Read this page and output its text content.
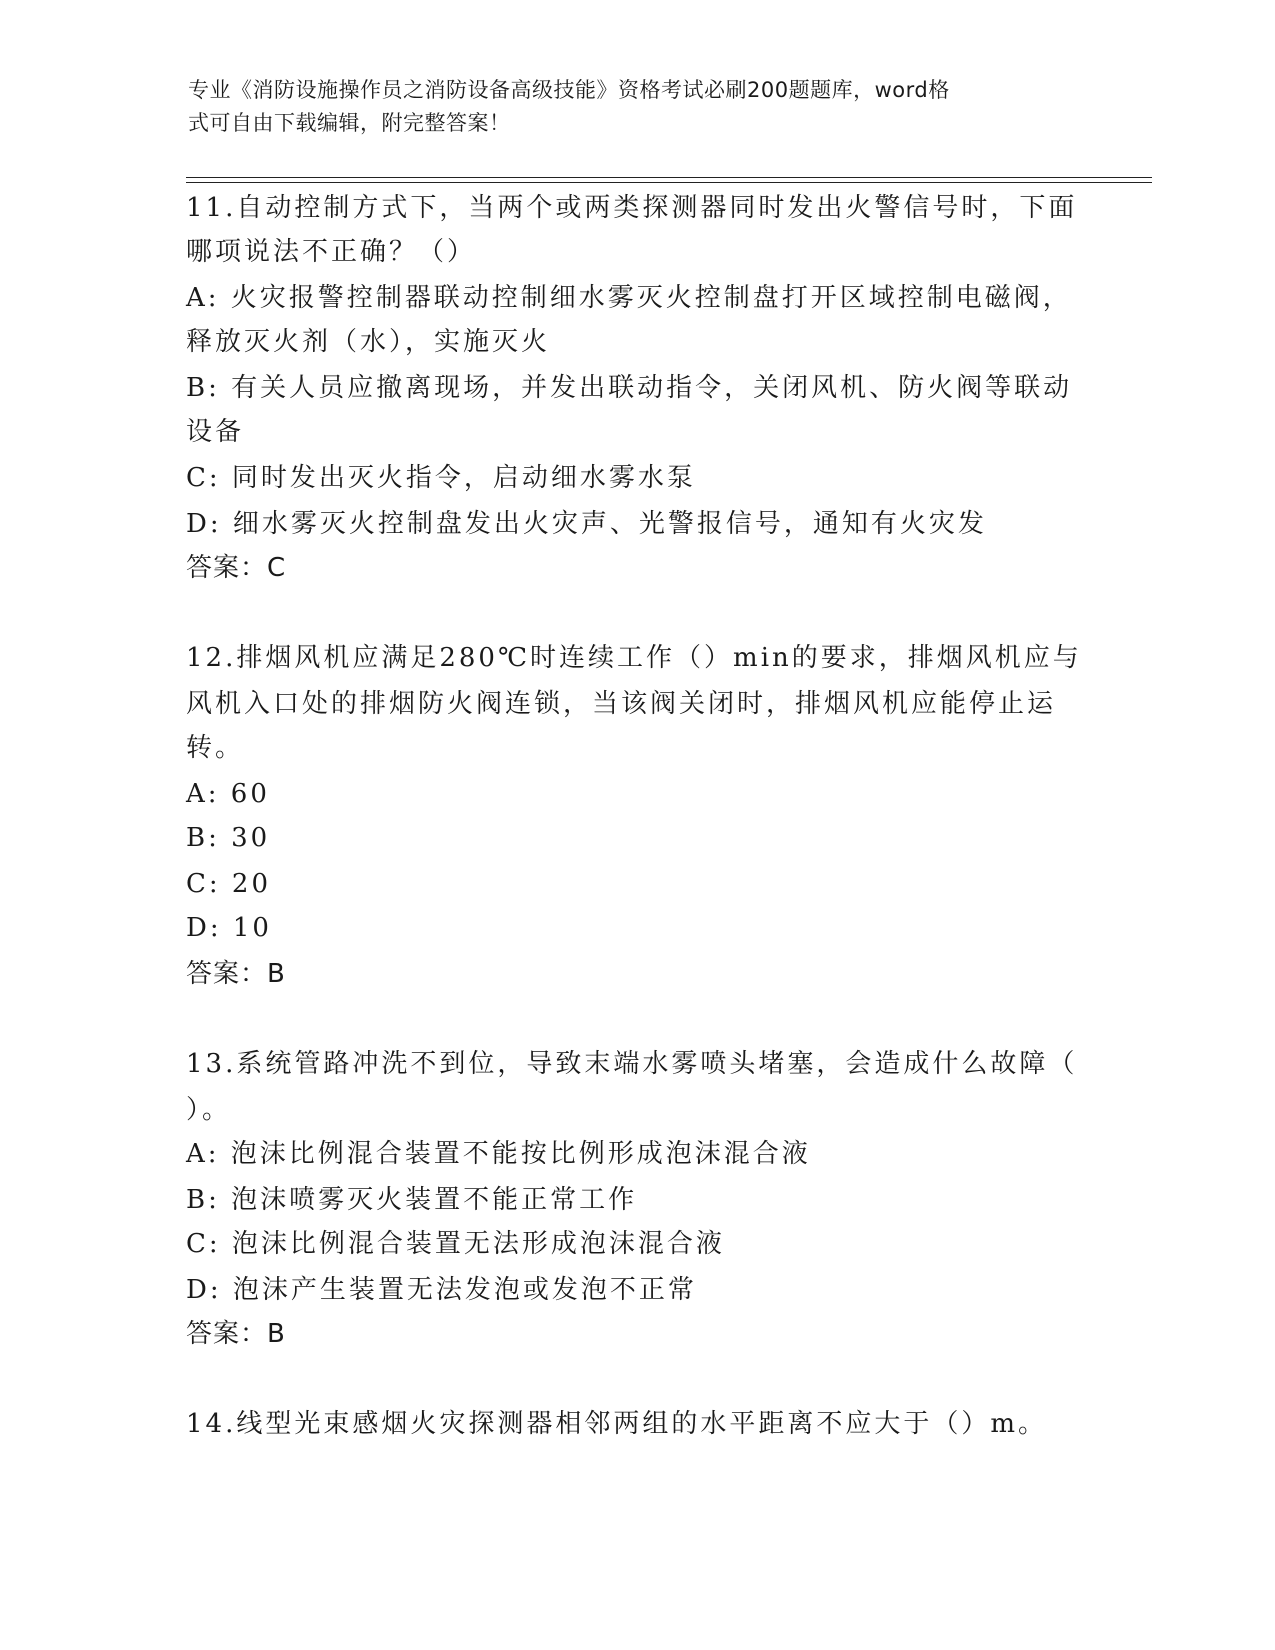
专业《消防设施操作员之消防设备高级技能》资格考试必刷200题题库，word格
式可自由下载编辑，附完整答案！
11.自动控制方式下，当两个或两类探测器同时发出火警信号时，下面
哪项说法不正确？（）
A: 火灾报警控制器联动控制细水雾灭火控制盘打开区域控制电磁阀，
释放灭火剂（水），实施灭火
B: 有关人员应撤离现场，并发出联动指令，关闭风机、防火阀等联动
设备
C: 同时发出灭火指令，启动细水雾水泵
D: 细水雾灭火控制盘发出火灾声、光警报信号，通知有火灾发
答案：C
12.排烟风机应满足280℃时连续工作（）min的要求，排烟风机应与
风机入口处的排烟防火阀连锁，当该阀关闭时，排烟风机应能停止运
转。
A: 60
B: 30
C: 20
D: 10
答案：B
13.系统管路冲洗不到位，导致末端水雾喷头堵塞，会造成什么故障（
）。
A: 泡沫比例混合装置不能按比例形成泡沫混合液
B: 泡沫喷雾灭火装置不能正常工作
C: 泡沫比例混合装置无法形成泡沫混合液
D: 泡沫产生装置无法发泡或发泡不正常
答案：B
14.线型光束感烟火灾探测器相邻两组的水平距离不应大于（）m。
